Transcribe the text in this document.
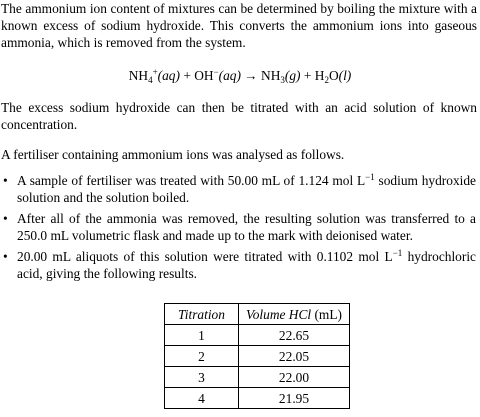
The ammonium ion content of mixtures can be determined by boiling the mixture with a known excess of sodium hydroxide. This converts the ammonium ions into gaseous ammonia, which is removed from the system.

$NH_4^+(aq) + OH^-(aq) \to NH_3(g) + H_2O(l)$

The excess sodium hydroxide can then be titrated with an acid solution of known concentration.

A fertiliser containing ammonium ions was analysed as follows.

• A sample of fertiliser was treated with 50.00 mL of 1.124 mol $L^{-1}$ sodium hydroxide solution and the solution boiled.
• After all of the ammonia was removed, the resulting solution was transferred to a 250.0 mL volumetric flask and made up to the mark with deionised water.
• 20.00 mL aliquots of this solution were titrated with 0.1102 mol $L^{-1}$ hydrochloric acid, giving the following results.
Titration	Volume HCl (mL)
1	22.65
2	22.05
3	22.00
4	21.95
